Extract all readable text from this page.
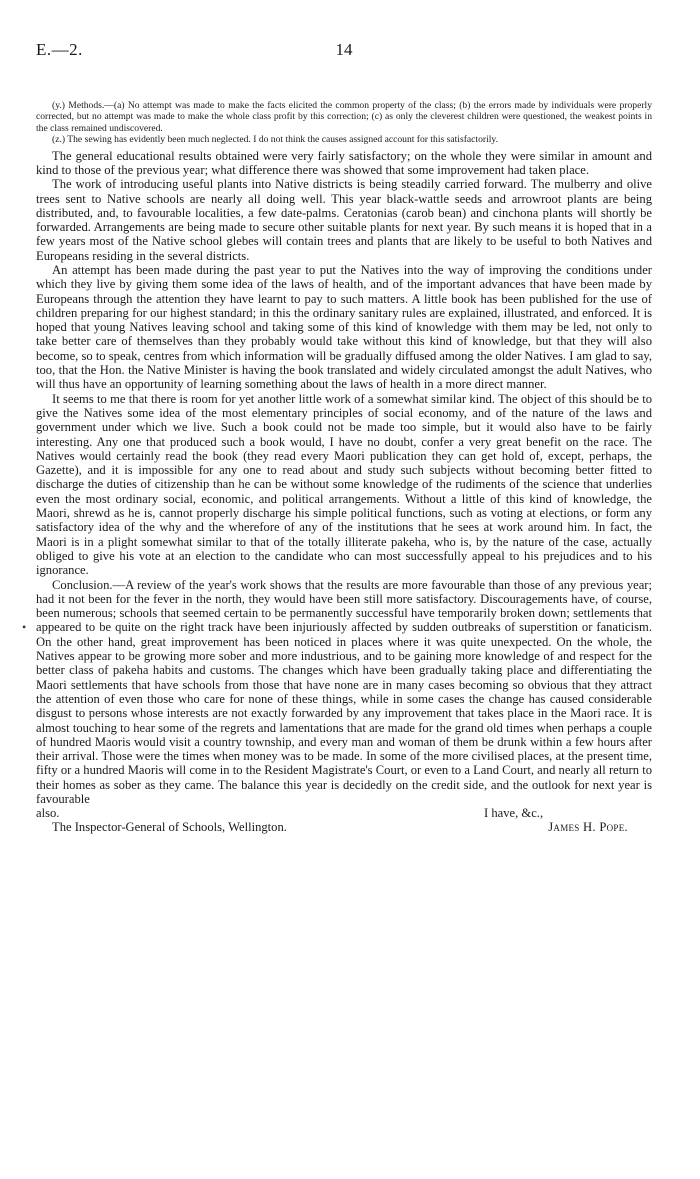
E.—2.	14

(y.) Methods.—(a) No attempt was made to make the facts elicited the common property of the class; (b) the errors made by individuals were properly corrected, but no attempt was made to make the whole class profit by this correction; (c) as only the cleverest children were questioned, the weakest points in the class remained undiscovered.

(z.) The sewing has evidently been much neglected. I do not think the causes assigned account for this satisfactorily.

The general educational results obtained were very fairly satisfactory; on the whole they were similar in amount and kind to those of the previous year; what difference there was showed that some improvement had taken place.

The work of introducing useful plants into Native districts is being steadily carried forward. The mulberry and olive trees sent to Native schools are nearly all doing well. This year black-wattle seeds and arrowroot plants are being distributed, and, to favourable localities, a few date-palms. Ceratonias (carob bean) and cinchona plants will shortly be forwarded. Arrangements are being made to secure other suitable plants for next year. By such means it is hoped that in a few years most of the Native school glebes will contain trees and plants that are likely to be useful to both Natives and Europeans residing in the several districts.

An attempt has been made during the past year to put the Natives into the way of improving the conditions under which they live by giving them some idea of the laws of health, and of the important advances that have been made by Europeans through the attention they have learnt to pay to such matters. A little book has been published for the use of children preparing for our highest standard; in this the ordinary sanitary rules are explained, illustrated, and enforced. It is hoped that young Natives leaving school and taking some of this kind of knowledge with them may be led, not only to take better care of themselves than they probably would take without this kind of knowledge, but that they will also become, so to speak, centres from which information will be gradually diffused among the older Natives. I am glad to say, too, that the Hon. the Native Minister is having the book translated and widely circulated amongst the adult Natives, who will thus have an opportunity of learning something about the laws of health in a more direct manner.

It seems to me that there is room for yet another little work of a somewhat similar kind. The object of this should be to give the Natives some idea of the most elementary principles of social economy, and of the nature of the laws and government under which we live. Such a book could not be made too simple, but it would also have to be fairly interesting. Any one that produced such a book would, I have no doubt, confer a very great benefit on the race. The Natives would certainly read the book (they read every Maori publication they can get hold of, except, perhaps, the Gazette), and it is impossible for any one to read about and study such subjects without becoming better fitted to discharge the duties of citizenship than he can be without some knowledge of the rudiments of the science that underlies even the most ordinary social, economic, and political arrangements. Without a little of this kind of knowledge, the Maori, shrewd as he is, cannot properly discharge his simple political functions, such as voting at elections, or form any satisfactory idea of the why and the wherefore of any of the institutions that he sees at work around him. In fact, the Maori is in a plight somewhat similar to that of the totally illiterate pakeha, who is, by the nature of the case, actually obliged to give his vote at an election to the candidate who can most successfully appeal to his prejudices and to his ignorance.

Conclusion.—A review of the year's work shows that the results are more favourable than those of any previous year; had it not been for the fever in the north, they would have been still more satisfactory. Discouragements have, of course, been numerous; schools that seemed certain to be permanently successful have temporarily broken down; settlements that appeared to be quite on the right track have been injuriously affected by sudden outbreaks of superstition or fanaticism. On the other hand, great improvement has been noticed in places where it was quite unexpected. On the whole, the Natives appear to be growing more sober and more industrious, and to be gaining more knowledge of and respect for the better class of pakeha habits and customs. The changes which have been gradually taking place and differentiating the Maori settlements that have schools from those that have none are in many cases becoming so obvious that they attract the attention of even those who care for none of these things, while in some cases the change has caused considerable disgust to persons whose interests are not exactly forwarded by any improvement that takes place in the Maori race. It is almost touching to hear some of the regrets and lamentations that are made for the grand old times when perhaps a couple of hundred Maoris would visit a country township, and every man and woman of them be drunk within a few hours after their arrival. Those were the times when money was to be made. In some of the more civilised places, at the present time, fifty or a hundred Maoris will come in to the Resident Magistrate's Court, or even to a Land Court, and nearly all return to their homes as sober as they came. The balance this year is decidedly on the credit side, and the outlook for next year is favourable

also.	I have, &c.,
The Inspector-General of Schools, Wellington.	James H. Pope.
•
